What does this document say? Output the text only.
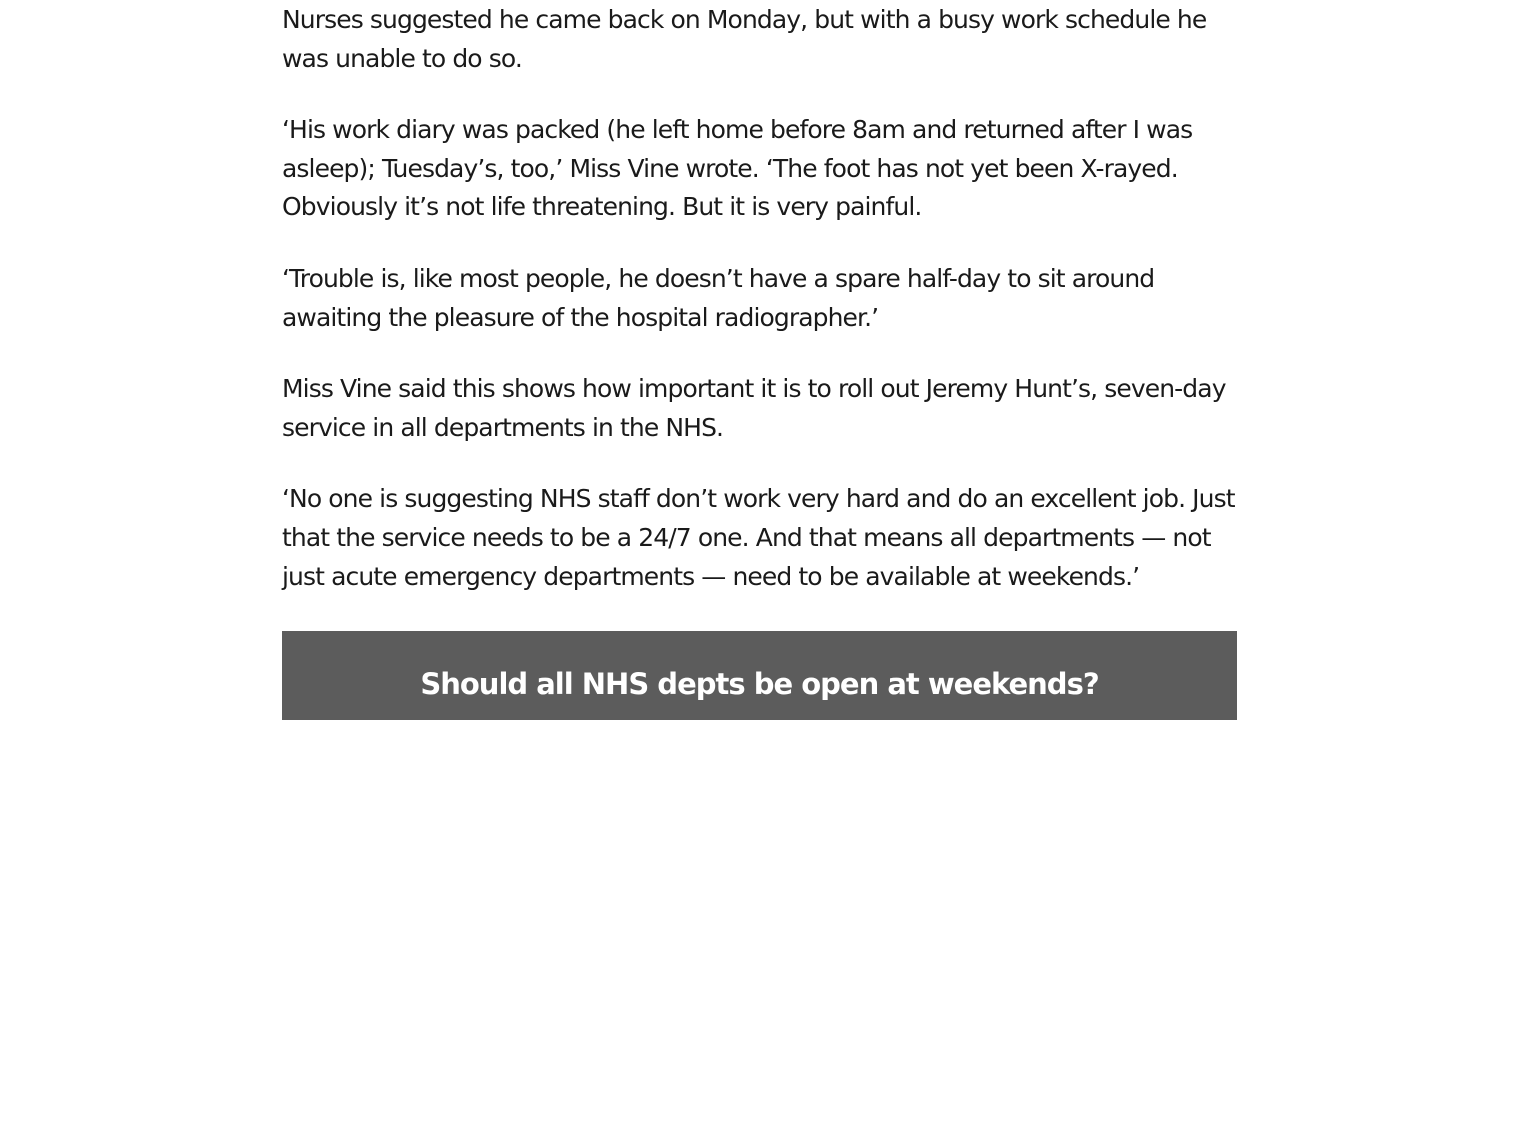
Nurses suggested he came back on Monday, but with a busy work schedule he was unable to do so.

‘His work diary was packed (he left home before 8am and returned after I was asleep); Tuesday’s, too,’ Miss Vine wrote. ‘The foot has not yet been X-rayed. Obviously it’s not life threatening. But it is very painful.

‘Trouble is, like most people, he doesn’t have a spare half-day to sit around awaiting the pleasure of the hospital radiographer.’

Miss Vine said this shows how important it is to roll out Jeremy Hunt’s, seven-day service in all departments in the NHS.

‘No one is suggesting NHS staff don’t work very hard and do an excellent job. Just that the service needs to be a 24/7 one. And that means all departments — not just acute emergency departments — need to be available at weekends.’

Should all NHS depts be open at weekends?
